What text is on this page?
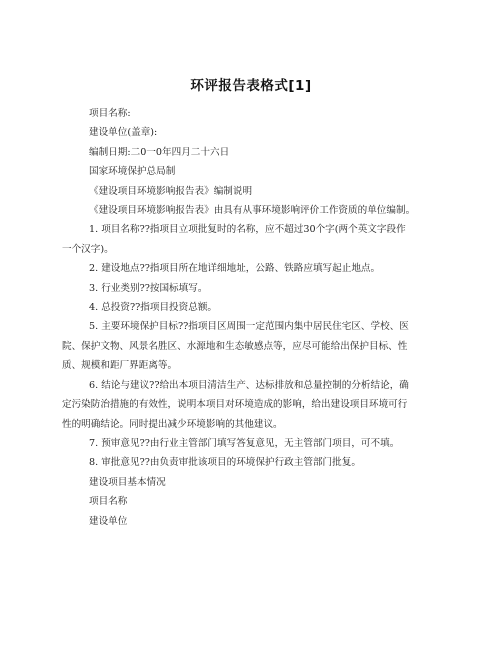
环评报告表格式[1]

项目名称:

建设单位(盖章):

编制日期:二0一0年四月二十六日

国家环境保护总局制

《建设项目环境影响报告表》编制说明

《建设项目环境影响报告表》由具有从事环境影响评价工作资质的单位编制。

1. 项目名称??指项目立项批复时的名称，应不超过30个字(两个英文字段作

一个汉字)。

2. 建设地点??指项目所在地详细地址，公路、铁路应填写起止地点。

3. 行业类别??按国标填写。

4. 总投资??指项目投资总额。

5. 主要环境保护目标??指项目区周围一定范围内集中居民住宅区、学校、医

院、保护文物、风景名胜区、水源地和生态敏感点等，应尽可能给出保护目标、性

质、规模和距厂界距离等。

6. 结论与建议??给出本项目清洁生产、达标排放和总量控制的分析结论，确

定污染防治措施的有效性，说明本项目对环境造成的影响，给出建设项目环境可行

性的明确结论。同时提出减少环境影响的其他建议。

7. 预审意见??由行业主管部门填写答复意见，无主管部门项目，可不填。

8. 审批意见??由负责审批该项目的环境保护行政主管部门批复。

建设项目基本情况

项目名称

建设单位
